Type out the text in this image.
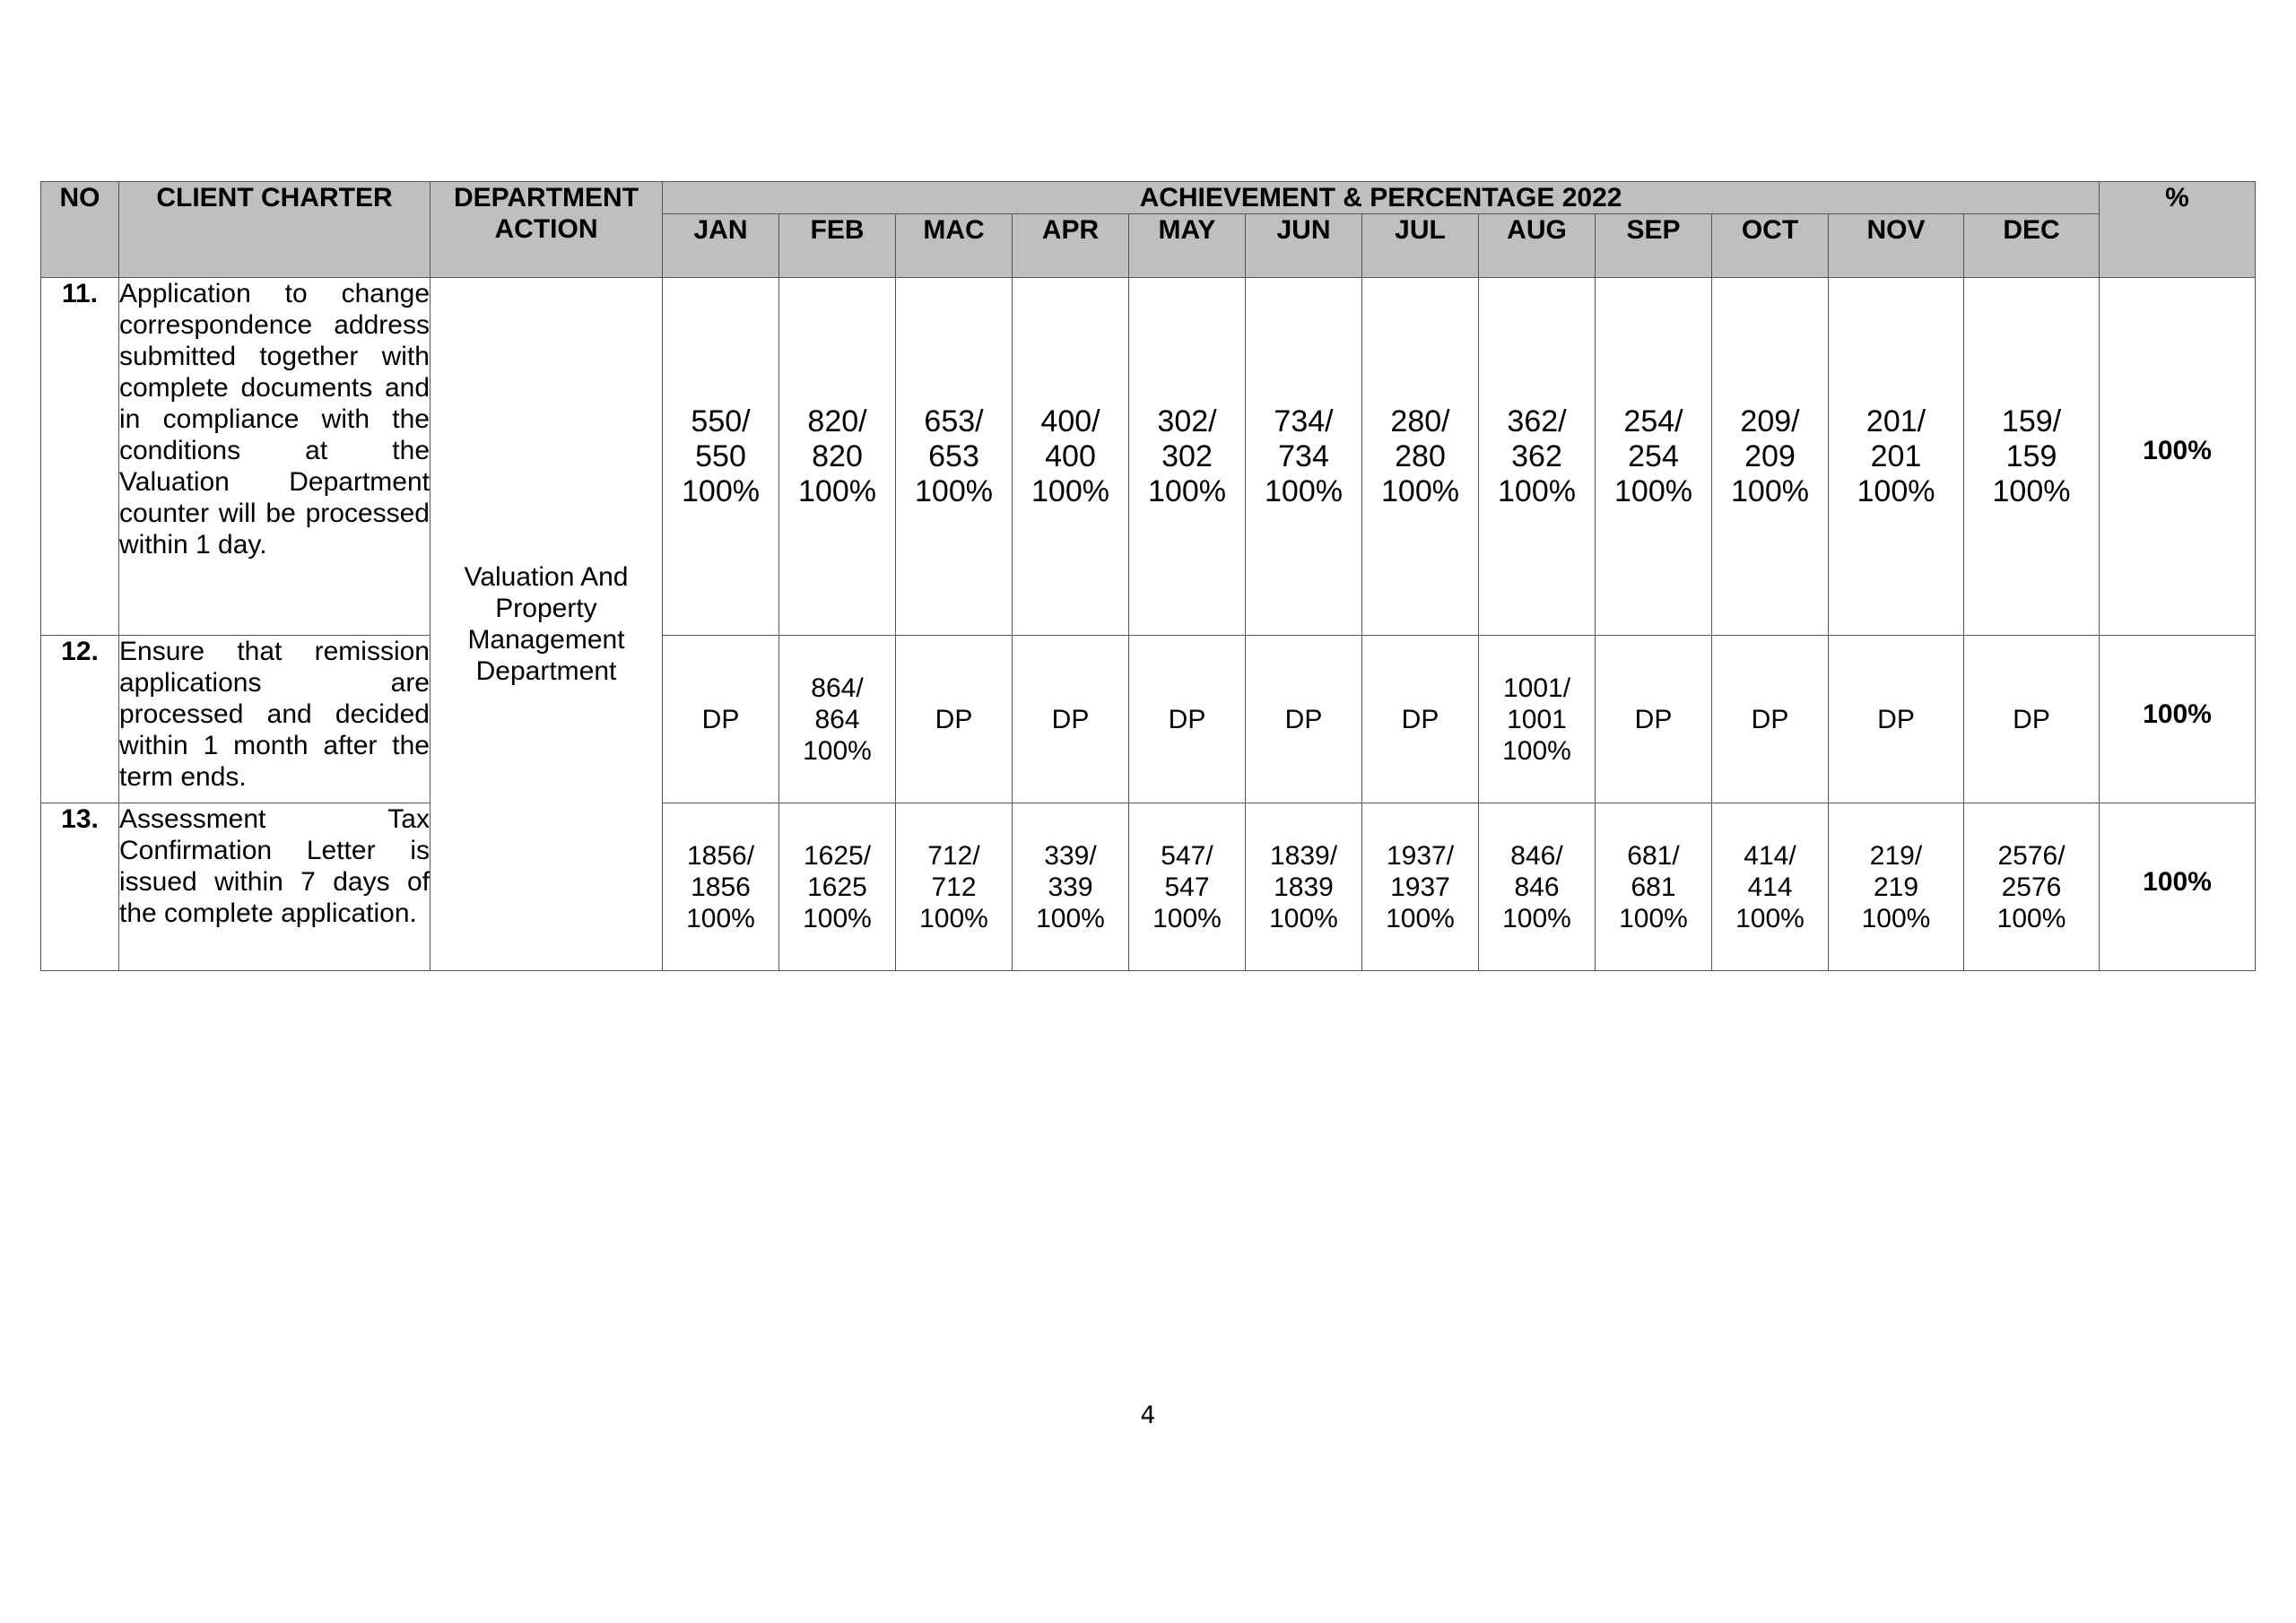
NO	CLIENT CHARTER	DEPARTMENT ACTION	ACHIEVEMENT & PERCENTAGE 2022												%
			JAN	FEB	MAC	APR	MAY	JUN	JUL	AUG	SEP	OCT	NOV	DEC	
11.	Application to change correspondence address submitted together with complete documents and in compliance with the conditions at the Valuation Department counter will be processed within 1 day.	Valuation And Property Management Department	550/
550
100%	820/
820
100%	653/
653
100%	400/
400
100%	302/
302
100%	734/
734
100%	280/
280
100%	362/
362
100%	254/
254
100%	209/
209
100%	201/
201
100%	159/
159
100%	100%
12.	Ensure that remission applications are processed and decided within 1 month after the term ends.		DP	864/
864
100%	DP	DP	DP	DP	DP	1001/
1001
100%	DP	DP	DP	DP	100%
13.	Assessment Tax Confirmation Letter is issued within 7 days of the complete application.		1856/
1856
100%	1625/
1625
100%	712/
712
100%	339/
339
100%	547/
547
100%	1839/
1839
100%	1937/
1937
100%	846/
846
100%	681/
681
100%	414/
414
100%	219/
219
100%	2576/
2576
100%	100%
4
